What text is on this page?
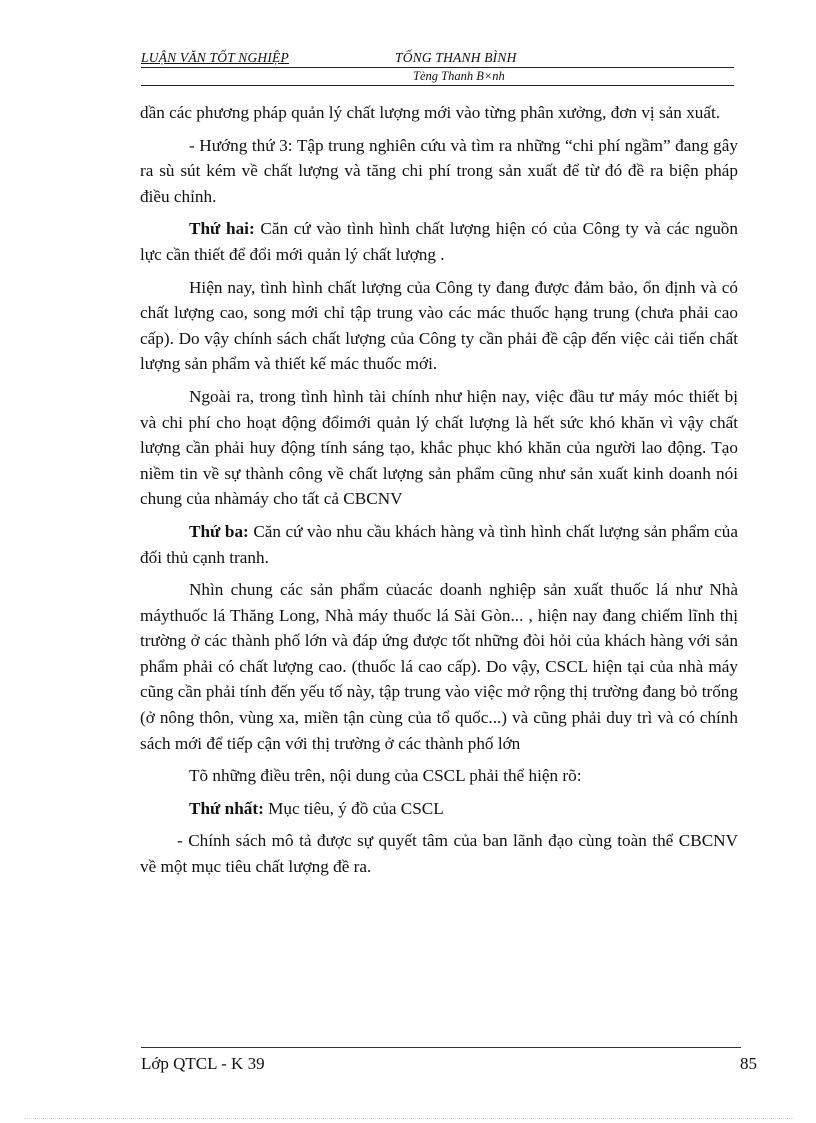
LUẬN VĂN TỐT NGHIỆP	TỐNG THANH BÌNH
Tèng Thanh B×nh

dần các phương pháp quản lý chất lượng mới vào từng phân xưởng, đơn vị sản xuất.

- Hướng thứ 3: Tập trung nghiên cứu và tìm ra những “chi phí ngầm” đang gây ra sù sút kém về chất lượng và tăng chi phí trong sản xuất để từ đó đề ra biện pháp điều chỉnh.

Thứ hai: Căn cứ vào tình hình chất lượng hiện có của Công ty và các nguồn lực cần thiết để đổi mới quản lý chất lượng .

Hiện nay, tình hình chất lượng của Công ty đang được đảm bảo, ổn định và có chất lượng cao, song mới chỉ tập trung vào các mác thuốc hạng trung (chưa phải cao cấp). Do vậy chính sách chất lượng của Công ty cần phải đề cập đến việc cải tiến chất lượng sản phẩm và thiết kế mác thuốc mới.

Ngoài ra, trong tình hình tài chính như hiện nay, việc đầu tư máy móc thiết bị và chi phí cho hoạt động đổimới quản lý chất lượng là hết sức khó khăn vì vậy chất lượng cần phải huy động tính sáng tạo, khắc phục khó khăn của người lao động. Tạo niềm tin về sự thành công về chất lượng sản phẩm cũng như sản xuất kinh doanh nói chung của nhàmáy cho tất cả CBCNV

Thứ ba: Căn cứ vào nhu cầu khách hàng và tình hình chất lượng sản phẩm của đối thủ cạnh tranh.

Nhìn chung các sản phẩm củacác doanh nghiệp sản xuất thuốc lá như Nhà máythuốc lá Thăng Long, Nhà máy thuốc lá Sài Gòn... , hiện nay đang chiếm lĩnh thị trường ở các thành phố lớn và đáp ứng được tốt những đòi hỏi của khách hàng với sản phẩm phải có chất lượng cao. (thuốc lá cao cấp). Do vậy, CSCL hiện tại của nhà máy cũng cần phải tính đến yếu tố này, tập trung vào việc mở rộng thị trường đang bỏ trống (ở nông thôn, vùng xa, miền tận cùng của tổ quốc...) và cũng phải duy trì và có chính sách mới để tiếp cận với thị trường ở các thành phố lớn

Tõ những điều trên, nội dung của CSCL phải thể hiện rõ:

Thứ nhất: Mục tiêu, ý đồ của CSCL

- Chính sách mô tả được sự quyết tâm của ban lãnh đạo cùng toàn thể CBCNV về một mục tiêu chất lượng đề ra.

Lớp QTCL - K 39	85
